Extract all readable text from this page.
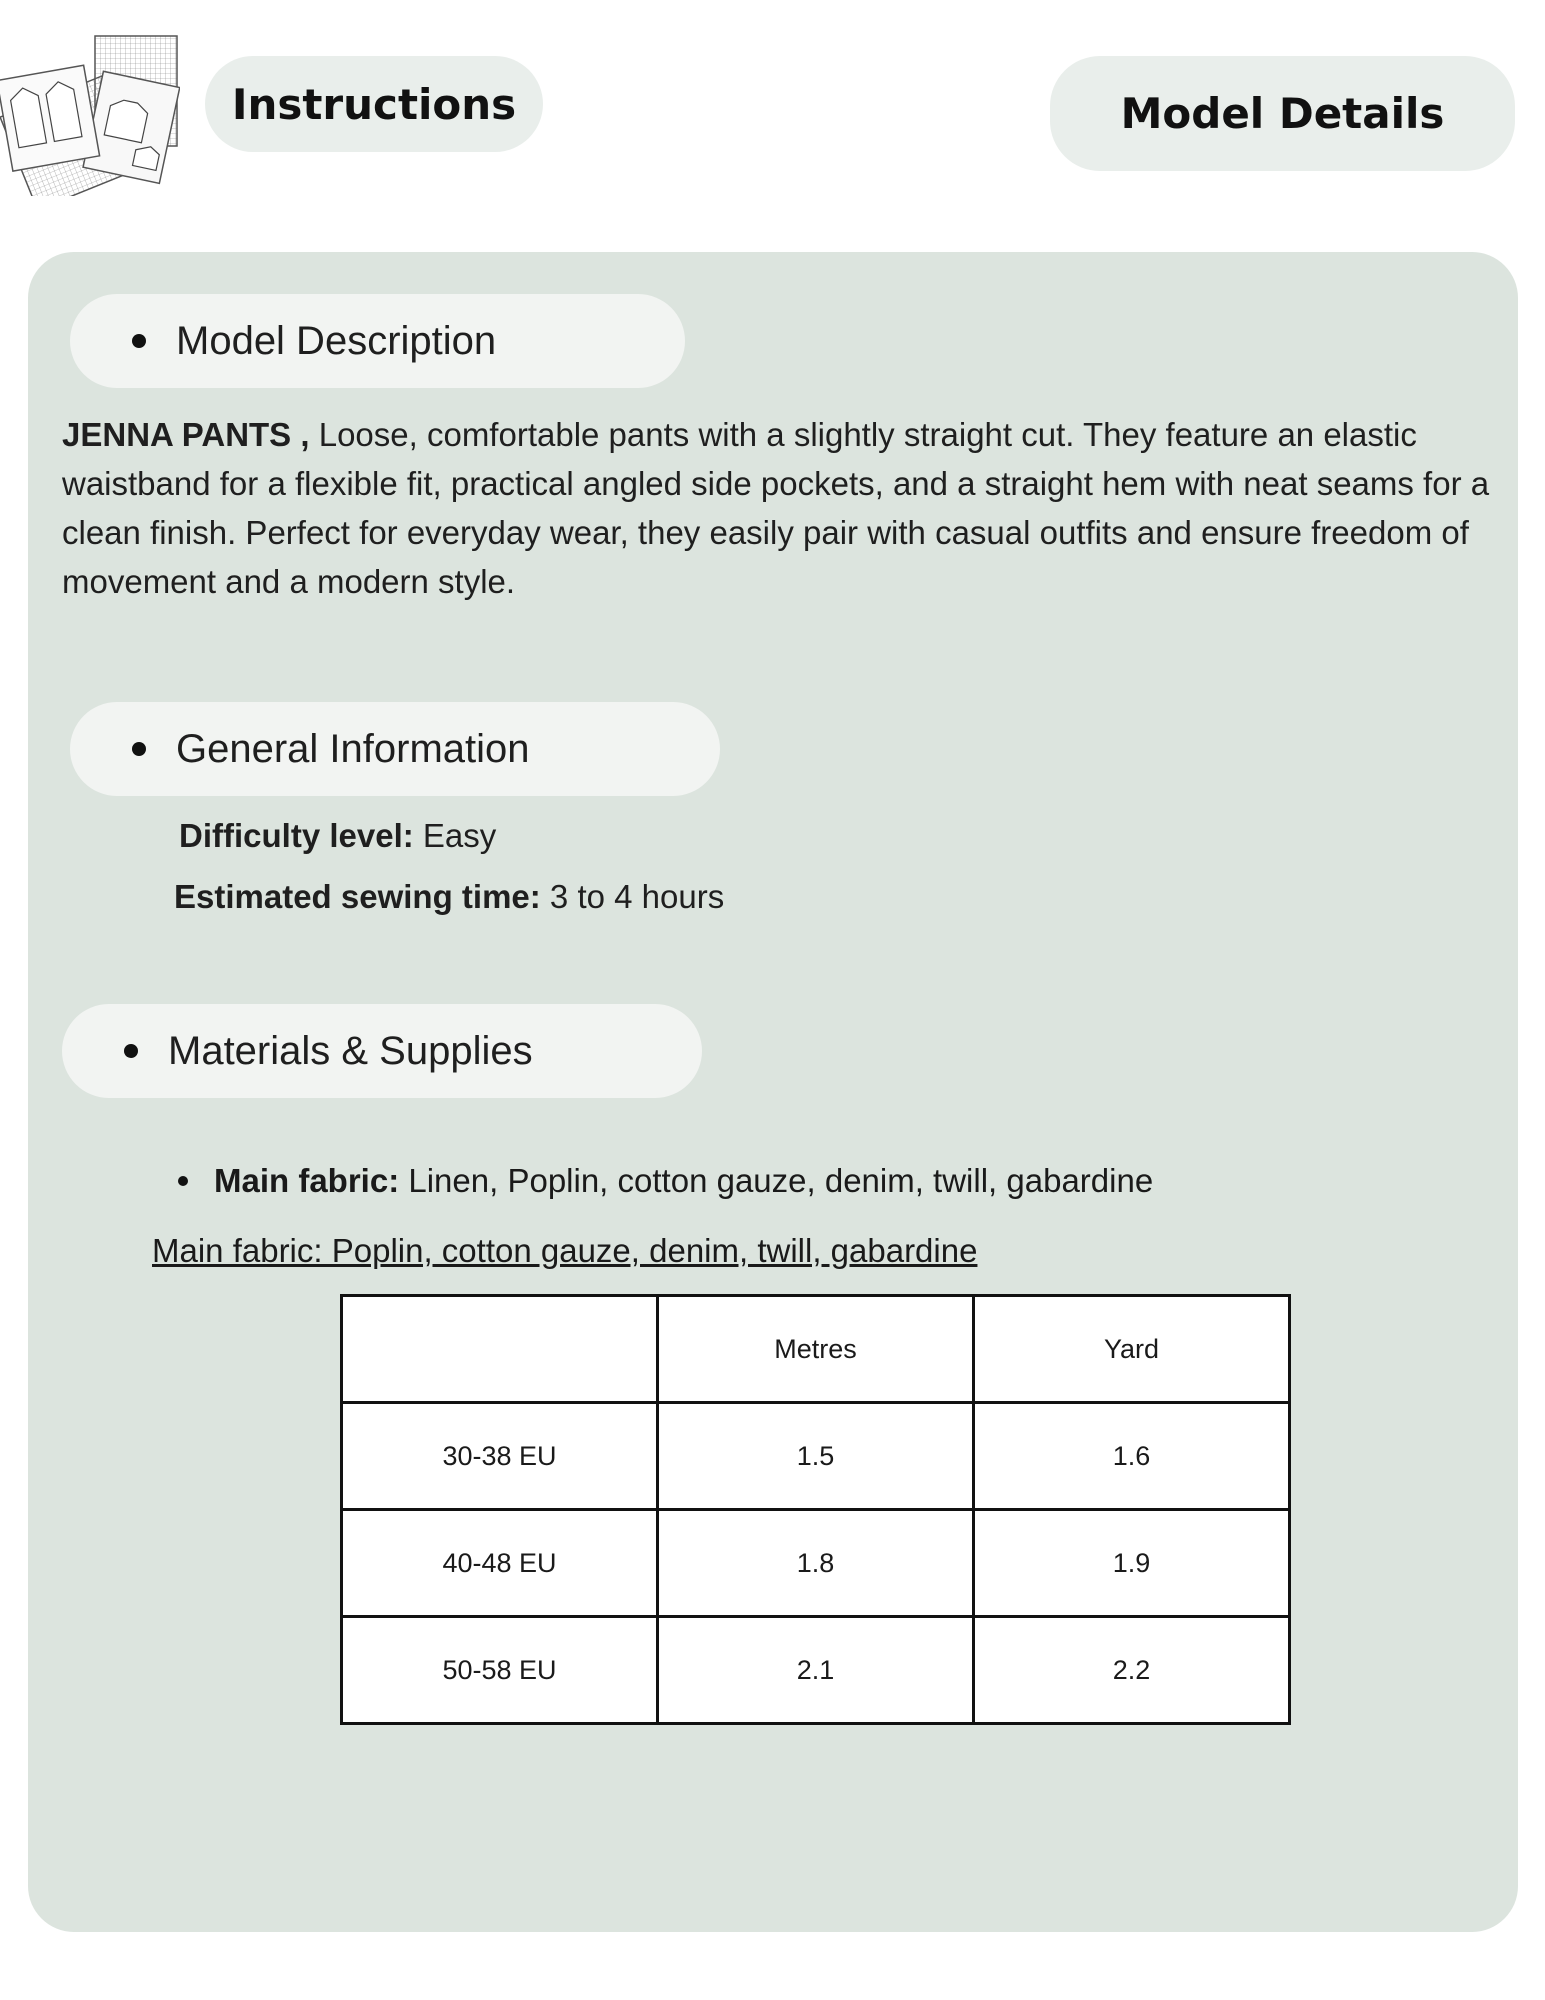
Instructions	Model Details
Model Description
JENNA PANTS , Loose, comfortable pants with a slightly straight cut. They feature an elastic waistband for a flexible fit, practical angled side pockets, and a straight hem with neat seams for a clean finish. Perfect for everyday wear, they easily pair with casual outfits and ensure freedom of movement and a modern style.
General Information
Difficulty level: Easy
Estimated sewing time: 3 to 4 hours
Materials & Supplies
Main fabric: Linen, Poplin, cotton gauze, denim, twill, gabardine
Main fabric: Poplin, cotton gauze, denim, twill, gabardine
	Metres	Yard
30-38 EU	1.5	1.6
40-48 EU	1.8	1.9
50-58 EU	2.1	2.2
